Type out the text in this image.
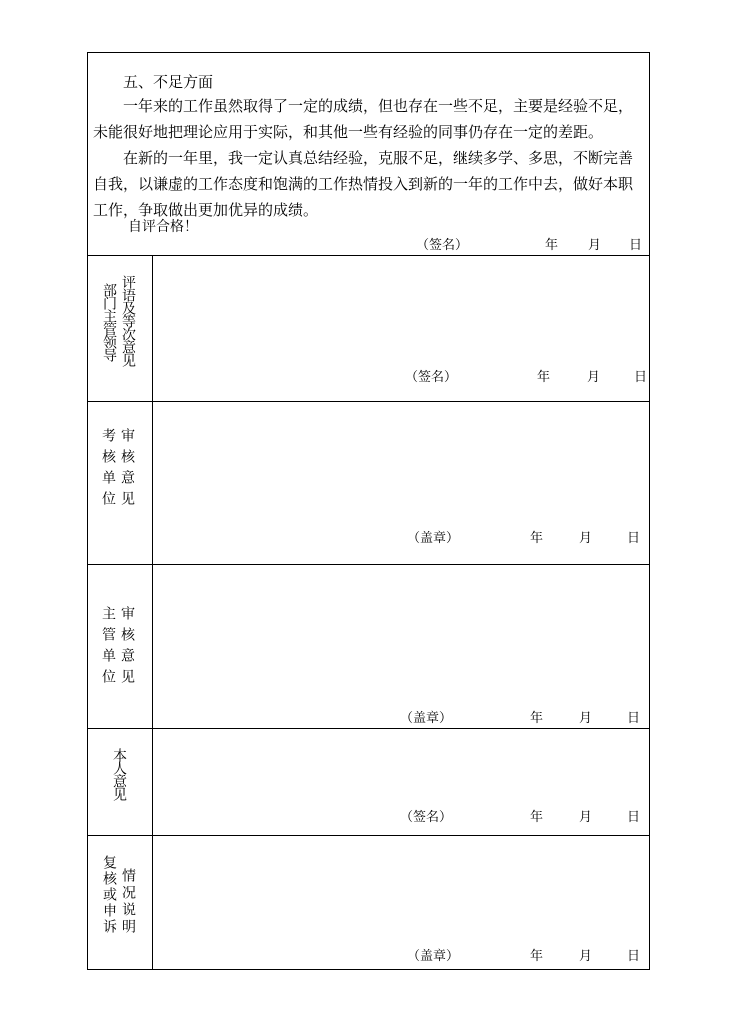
五、不足方面
一年来的工作虽然取得了一定的成绩，但也存在一些不足，主要是经验不足，未能很好地把理论应用于实际，和其他一些有经验的同事仍存在一定的差距。
在新的一年里，我一定认真总结经验，克服不足，继续多学、多思，不断完善自我，以谦虚的工作态度和饱满的工作热情投入到新的一年的工作中去，做好本职工作，争取做出更加优异的成绩。
自评合格！
（签名）	年 月 日
评语及等次意见
部门主管领导
（签名）	年	月	日
审核意见
考核单位
（盖章）	年	月	日
审核意见
主管单位
（盖章）	年	月	日
本人意见
（签名）	年	月	日
情况说明
复核或申诉
（盖章）	年	月	日
